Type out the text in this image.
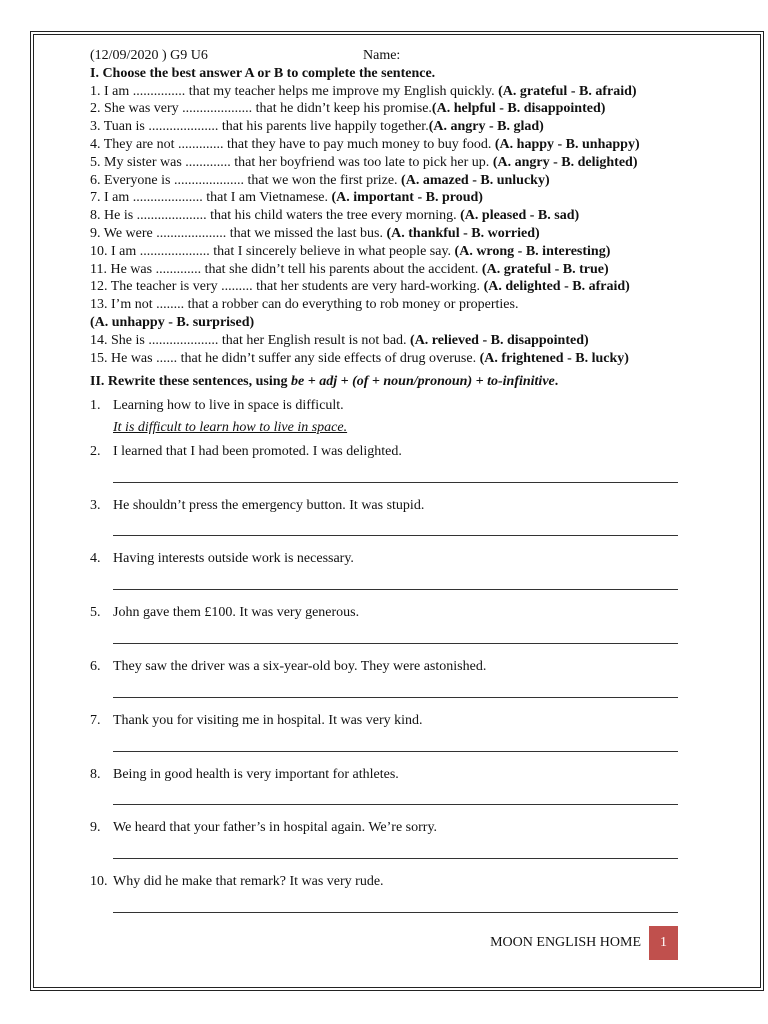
(12/09/2020 ) G9 U6	Name:
I. Choose the best answer A or B to complete the sentence.
1. I am ............... that my teacher helps me improve my English quickly. (A. grateful - B. afraid)
2. She was very .................... that he didn’t keep his promise.(A. helpful - B. disappointed)
3. Tuan is .................... that his parents live happily together.(A. angry - B. glad)
4. They are not ............. that they have to pay much money to buy food. (A. happy - B. unhappy)
5. My sister was ............. that her boyfriend was too late to pick her up. (A. angry - B. delighted)
6. Everyone is .................... that we won the first prize. (A. amazed - B. unlucky)
7. I am .................... that I am Vietnamese. (A. important - B. proud)
8. He is .................... that his child waters the tree every morning. (A. pleased - B. sad)
9. We were .................... that we missed the last bus. (A. thankful - B. worried)
10. I am .................... that I sincerely believe in what people say. (A. wrong - B. interesting)
11. He was ............. that she didn’t tell his parents about the accident. (A. grateful - B. true)
12. The teacher is very ......... that her students are very hard-working. (A. delighted - B. afraid)
13. I’m not ........ that a robber can do everything to rob money or properties.
(A. unhappy - B. surprised)
14. She is .................... that her English result is not bad. (A. relieved - B. disappointed)
15. He was ...... that he didn’t suffer any side effects of drug overuse. (A. frightened - B. lucky)
II. Rewrite these sentences, using be + adj + (of + noun/pronoun) + to-infinitive.
1. Learning how to live in space is difficult.
It is difficult to learn how to live in space.
2. I learned that I had been promoted. I was delighted.
3. He shouldn’t press the emergency button. It was stupid.
4. Having interests outside work is necessary.
5. John gave them £100. It was very generous.
6. They saw the driver was a six-year-old boy. They were astonished.
7. Thank you for visiting me in hospital. It was very kind.
8. Being in good health is very important for athletes.
9. We heard that your father’s in hospital again. We’re sorry.
10. Why did he make that remark? It was very rude.
MOON ENGLISH HOME	1
